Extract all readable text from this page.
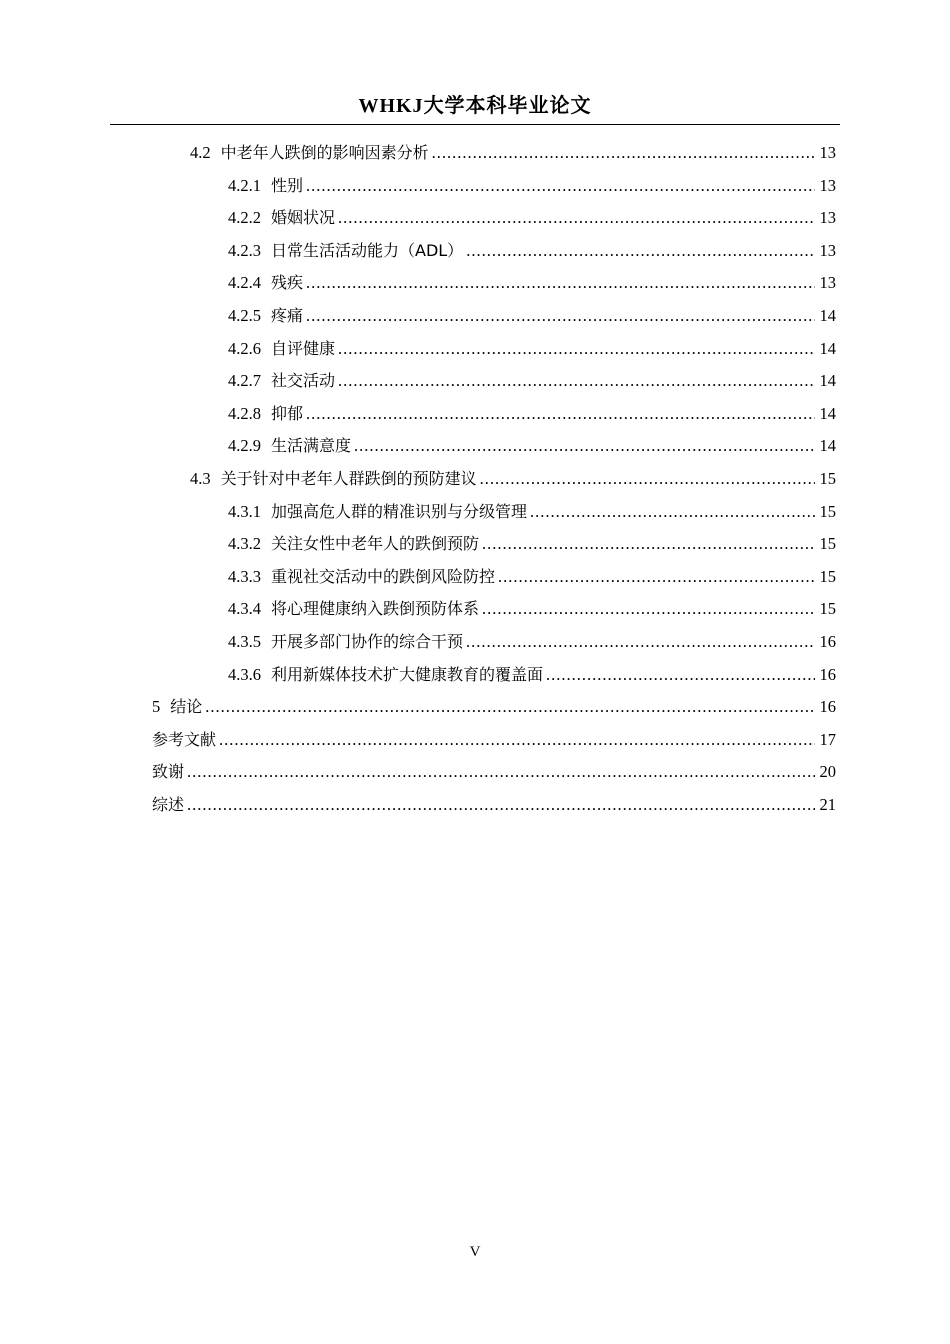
WHKJ大学本科毕业论文
4.2 中老年人跌倒的影响因素分析 .....	13
4.2.1 性别 .....	13
4.2.2 婚姻状况 .....	13
4.2.3 日常生活活动能力（ADL） .....	13
4.2.4 残疾 .....	13
4.2.5 疼痛 .....	14
4.2.6 自评健康 .....	14
4.2.7 社交活动 .....	14
4.2.8 抑郁 .....	14
4.2.9 生活满意度 .....	14
4.3 关于针对中老年人群跌倒的预防建议 .....	15
4.3.1 加强高危人群的精准识别与分级管理 .....	15
4.3.2 关注女性中老年人的跌倒预防 .....	15
4.3.3 重视社交活动中的跌倒风险防控 .....	15
4.3.4 将心理健康纳入跌倒预防体系 .....	15
4.3.5 开展多部门协作的综合干预 .....	16
4.3.6 利用新媒体技术扩大健康教育的覆盖面 .....	16
5 结论 .....	16
参考文献 .....	17
致谢 .....	20
综述 .....	21
V
